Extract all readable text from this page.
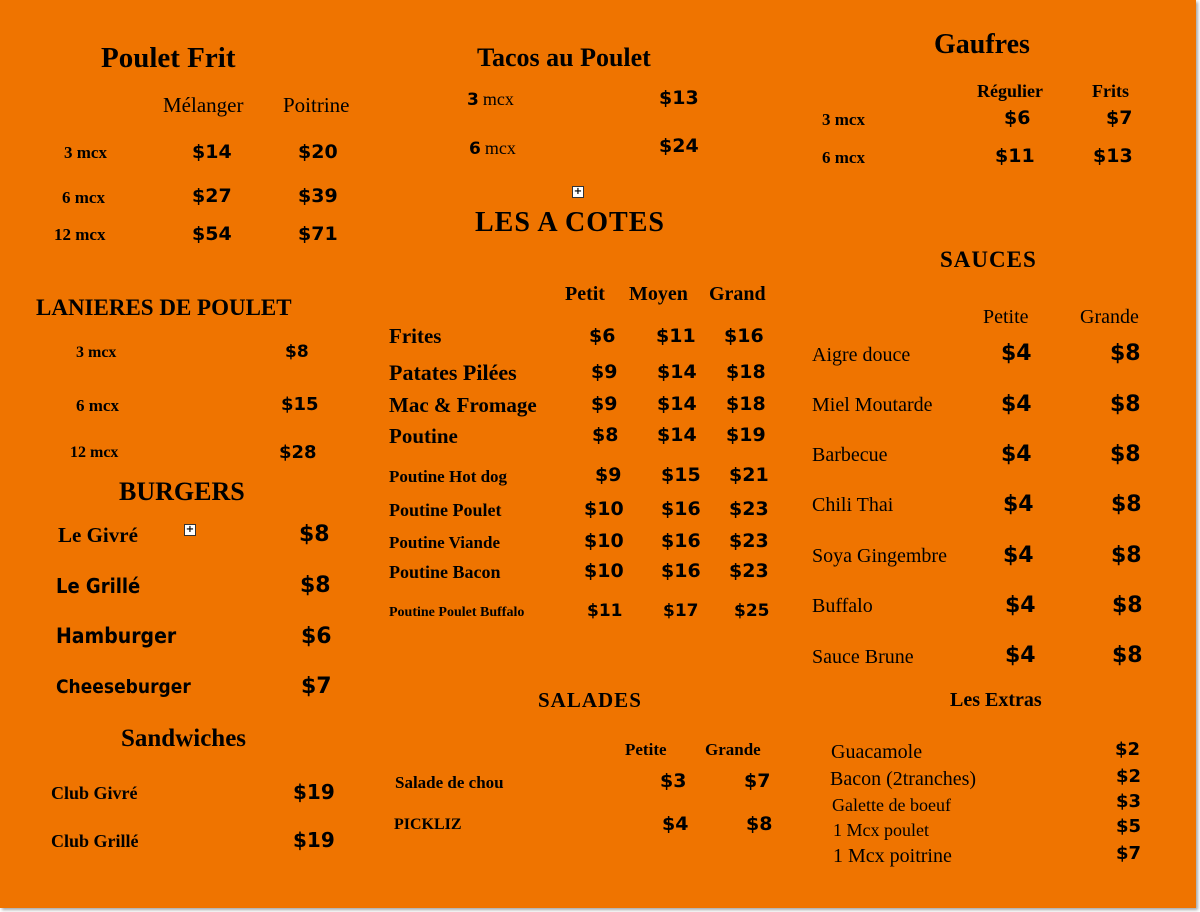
Poulet Frit
Mélanger Poitrine
3 mcx	$14	$20
6 mcx	$27	$39
12 mcx	$54	$71
LANIERES DE POULET
3 mcx	$8
6 mcx	$15
12 mcx	$28
BURGERS
Le Givré	+	$8
Le Grillé	$8
Hamburger	$6
Cheeseburger	$7
Sandwiches
Club Givré	$19
Club Grillé	$19
Tacos au Poulet
3 mcx	$13
6 mcx	$24
+
LES A COTES
Petit Moyen Grand
Frites	$6 $11 $16
Patates Pilées	$9 $14 $18
Mac & Fromage	$9 $14 $18
Poutine	$8 $14 $19
Poutine Hot dog	$9 $15 $21
Poutine Poulet	$10 $16 $23
Poutine Viande	$10 $16 $23
Poutine Bacon	$10 $16 $23
Poutine Poulet Buffalo	$11 $17 $25
SALADES
Petite Grande
Salade de chou	$3	$7
PICKLIZ	$4	$8
Gaufres
Régulier	Frits
3 mcx	$6	$7
6 mcx	$11	$13
SAUCES
Petite	Grande
Aigre douce	$4	$8
Miel Moutarde	$4	$8
Barbecue	$4	$8
Chili Thai	$4	$8
Soya Gingembre	$4	$8
Buffalo	$4	$8
Sauce Brune	$4	$8
Les Extras
Guacamole	$2
Bacon (2tranches)	$2
Galette de boeuf	$3
1 Mcx poulet	$5
1 Mcx poitrine	$7
